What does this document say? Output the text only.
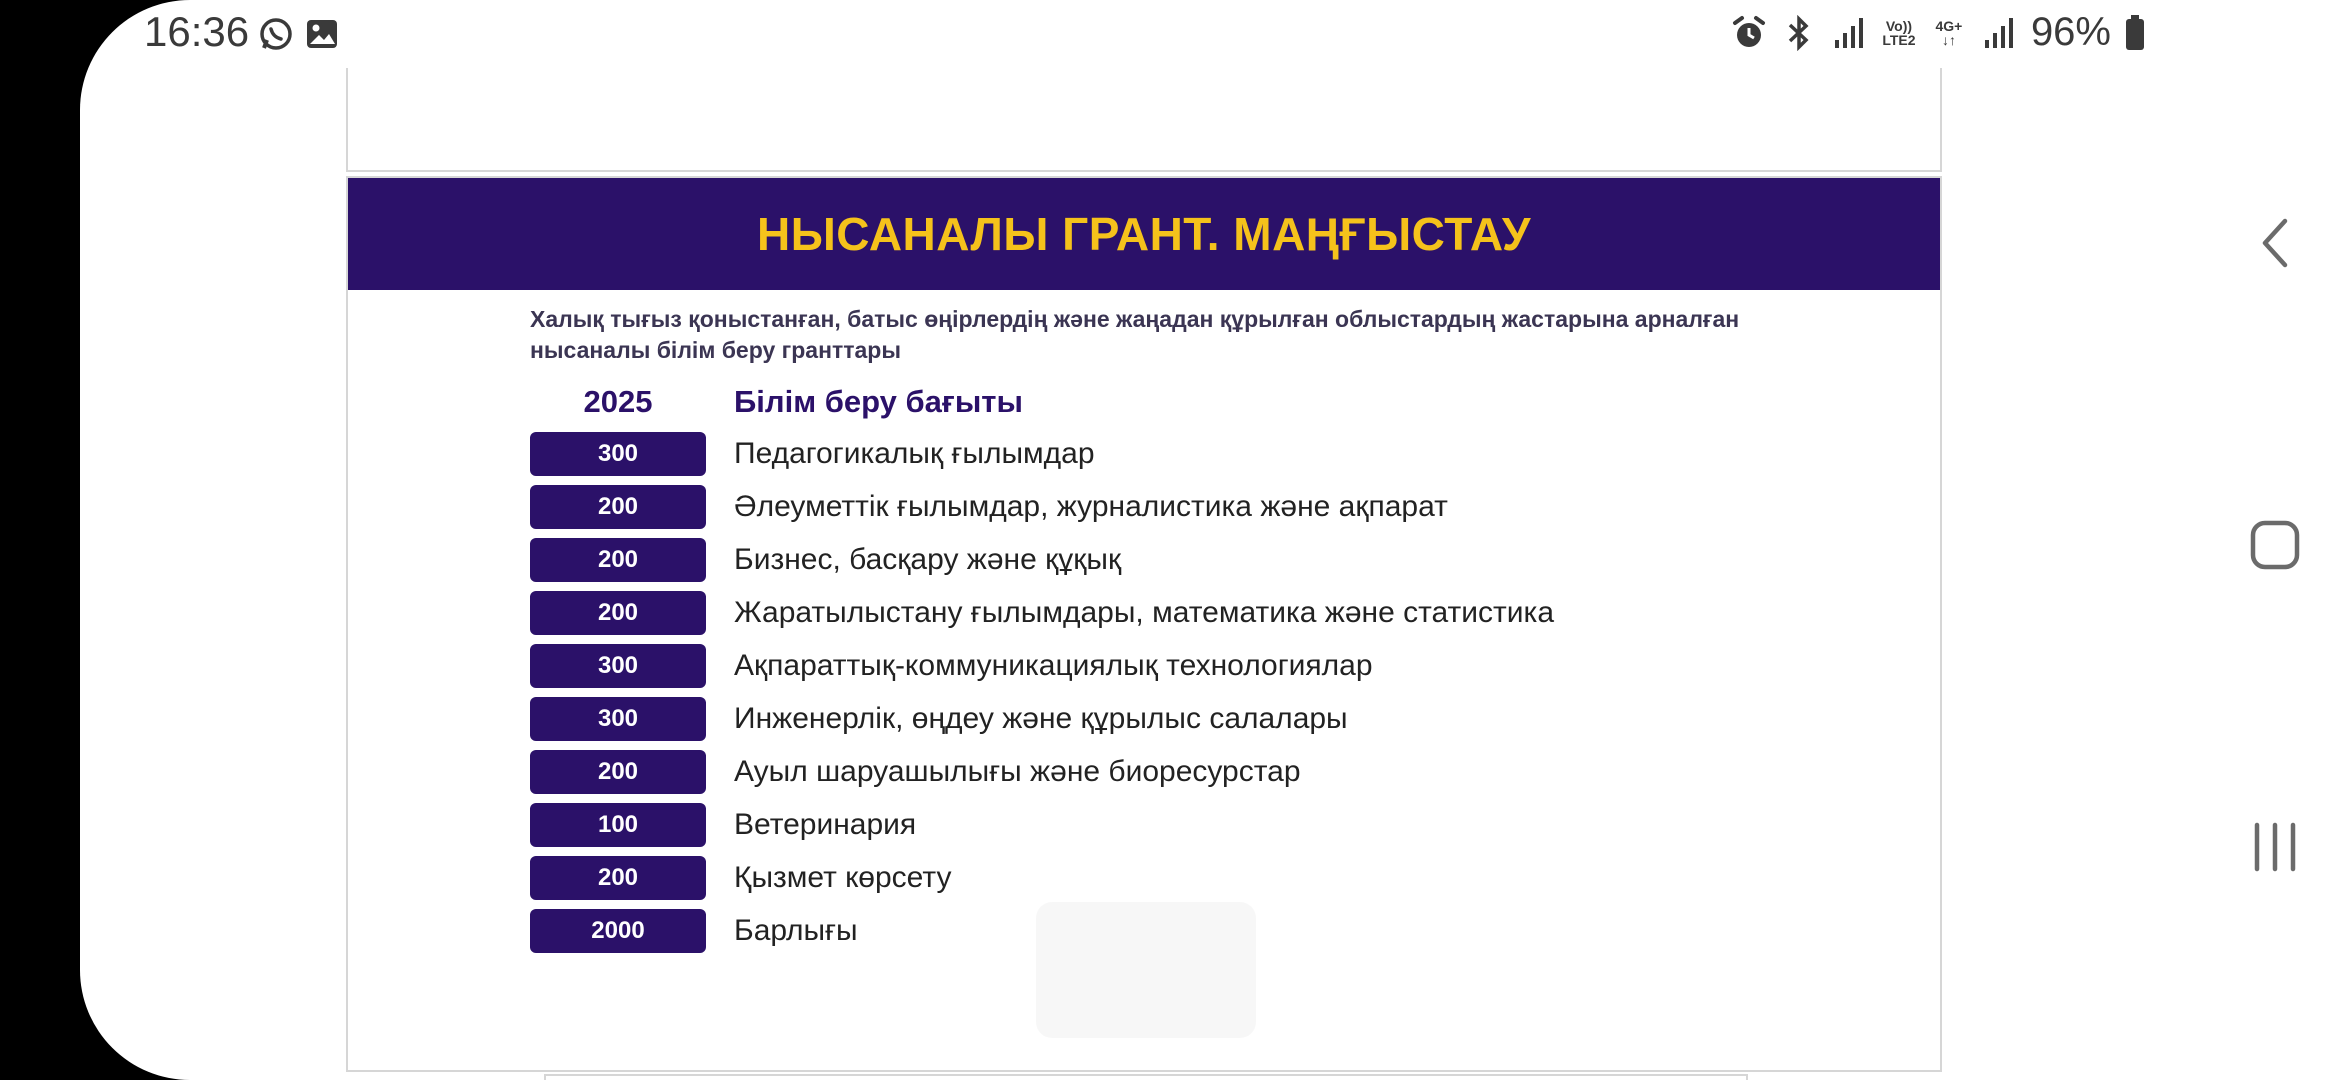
16:36	Vo))
LTE2
4G+
↓↑ 96%
НЫСАНАЛЫ ГРАНТ. МАҢҒЫСТАУ
Халық тығыз қоныстанған, батыс өңірлердің және жаңадан құрылған облыстардың жастарына арналған нысаналы білім беру гранттары
2025	Білім беру бағыты
300	Педагогикалық ғылымдар
200	Әлеуметтік ғылымдар, журналистика және ақпарат
200	Бизнес, басқару және құқық
200	Жаратылыстану ғылымдары, математика және статистика
300	Ақпараттық-коммуникациялық технологиялар
300	Инженерлік, өңдеу және құрылыс салалары
200	Ауыл шаруашылығы және биоресурстар
100	Ветеринария
200	Қызмет көрсету
2000	Барлығы
